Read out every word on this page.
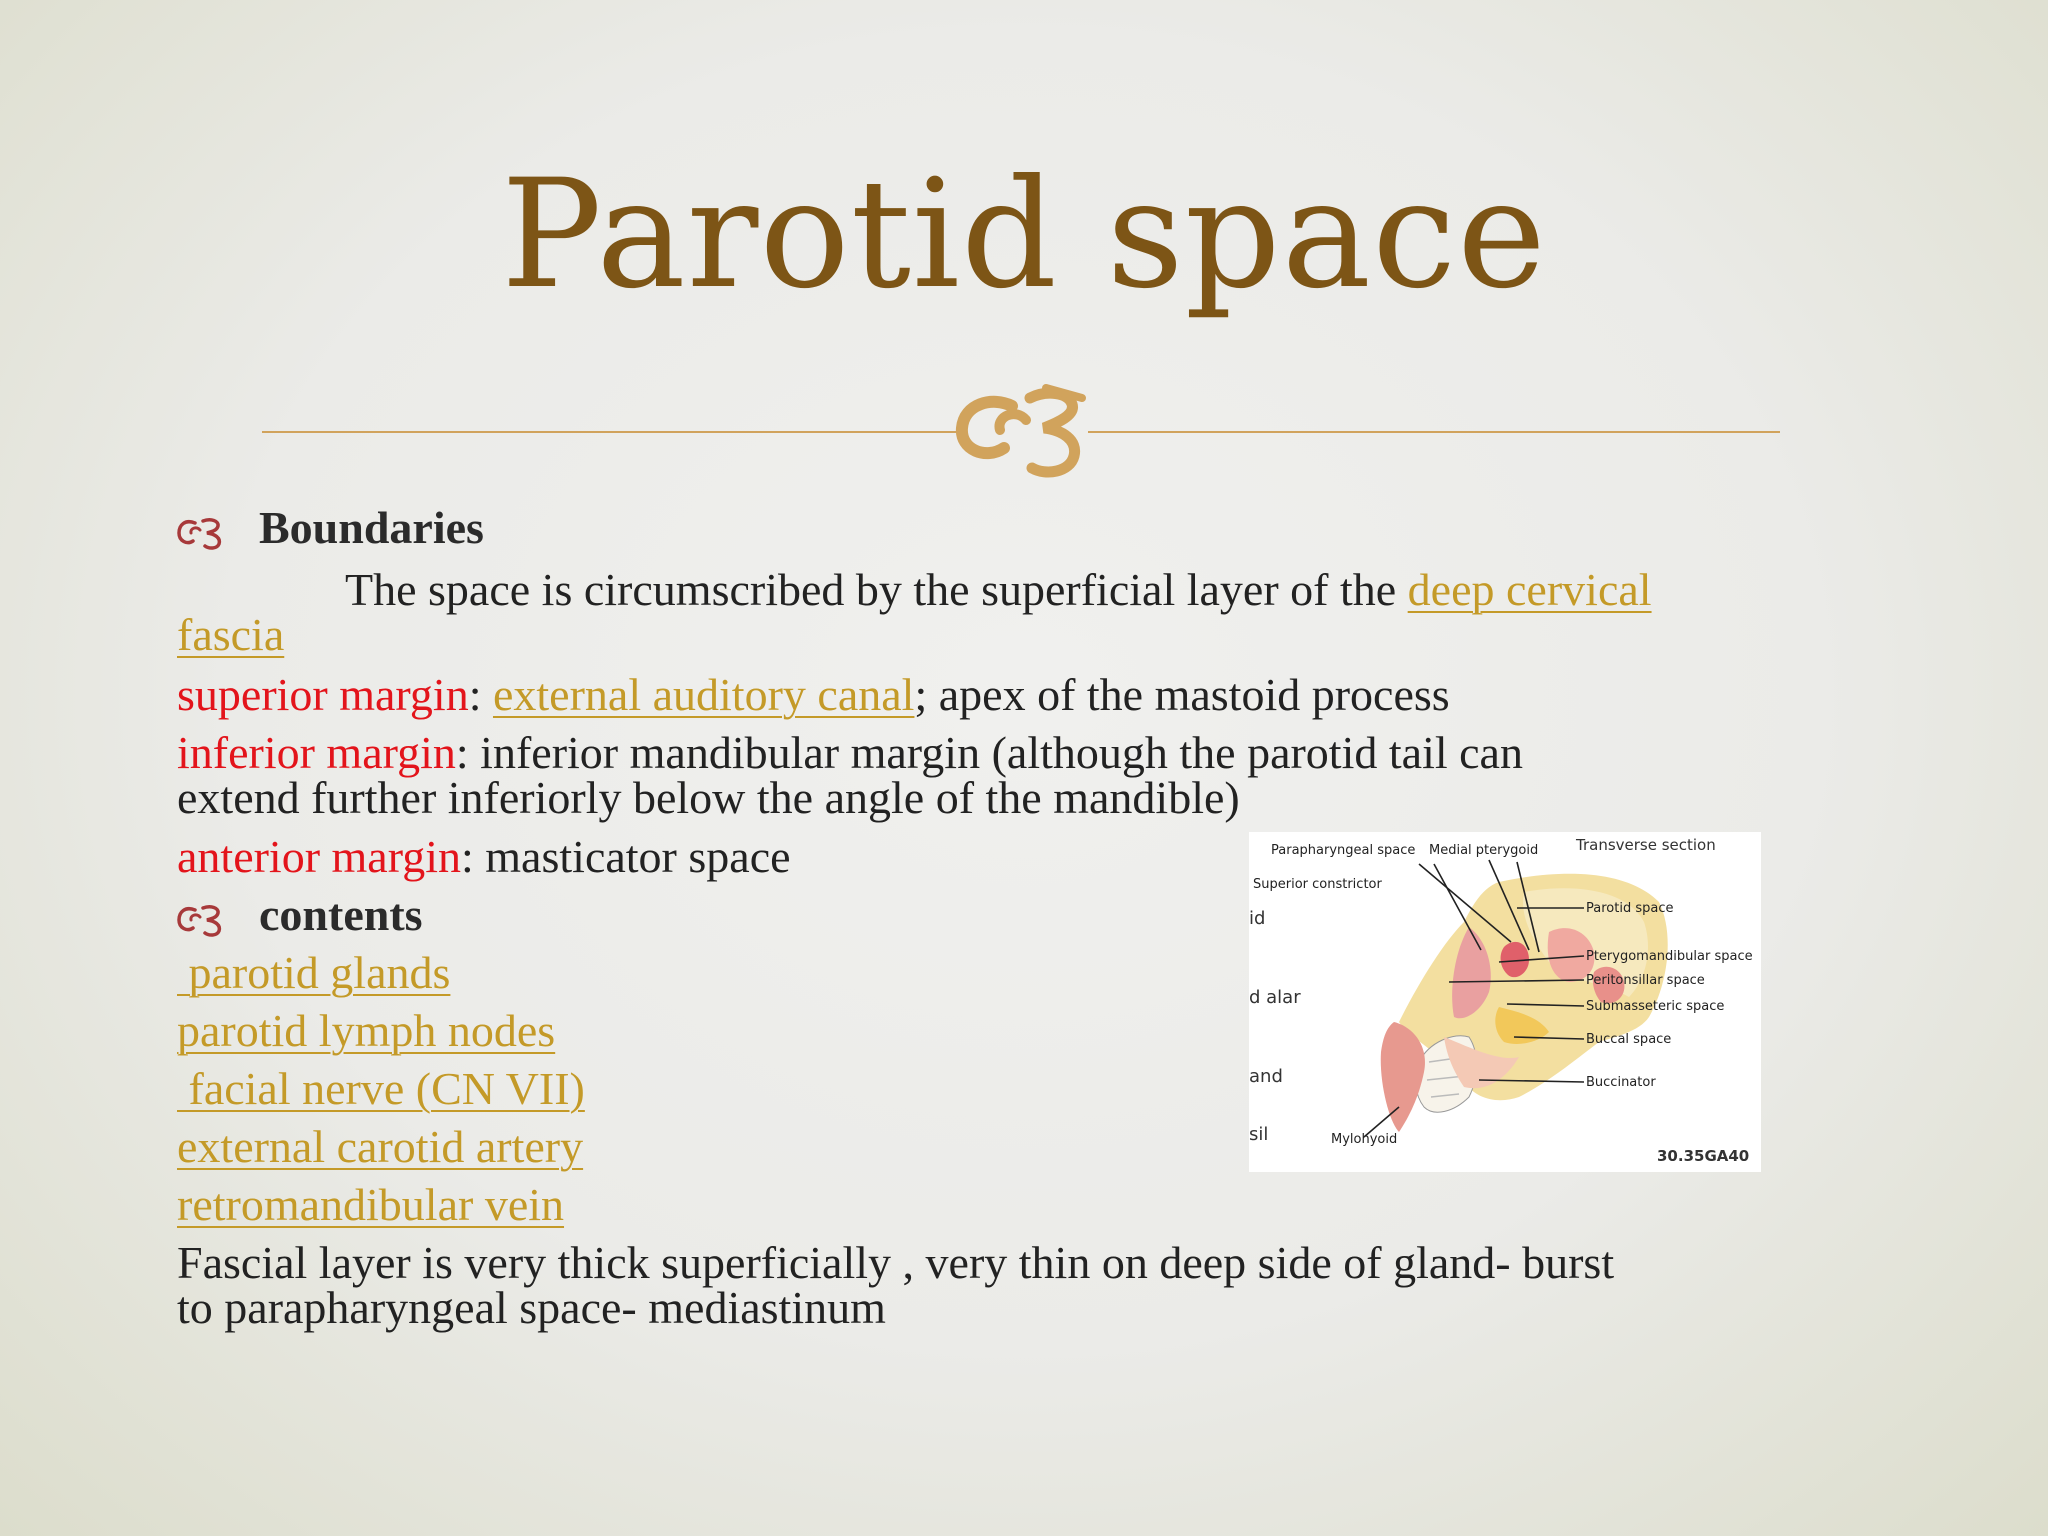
Parotid space
Boundaries
The space is circumscribed by the superficial layer of the deep cervical
fascia
superior margin: external auditory canal; apex of the mastoid process
inferior margin: inferior mandibular margin (although the parotid tail can
extend further inferiorly below the angle of the mandible)
anterior margin: masticator space
contents
parotid glands
parotid lymph nodes
facial nerve (CN VII)
external carotid artery
retromandibular vein
Fascial layer is very thick superficially , very thin on deep side of gland- burst
to parapharyngeal space- mediastinum
Parapharyngeal space Medial pterygoid
Superior constrictor
Parotid space
Pterygomandibular space
Peritonsillar space
Submasseteric space
Buccal space
Buccinator
Mylohyoid
Transverse section
30.35GA40
id
d alar
and
sil
